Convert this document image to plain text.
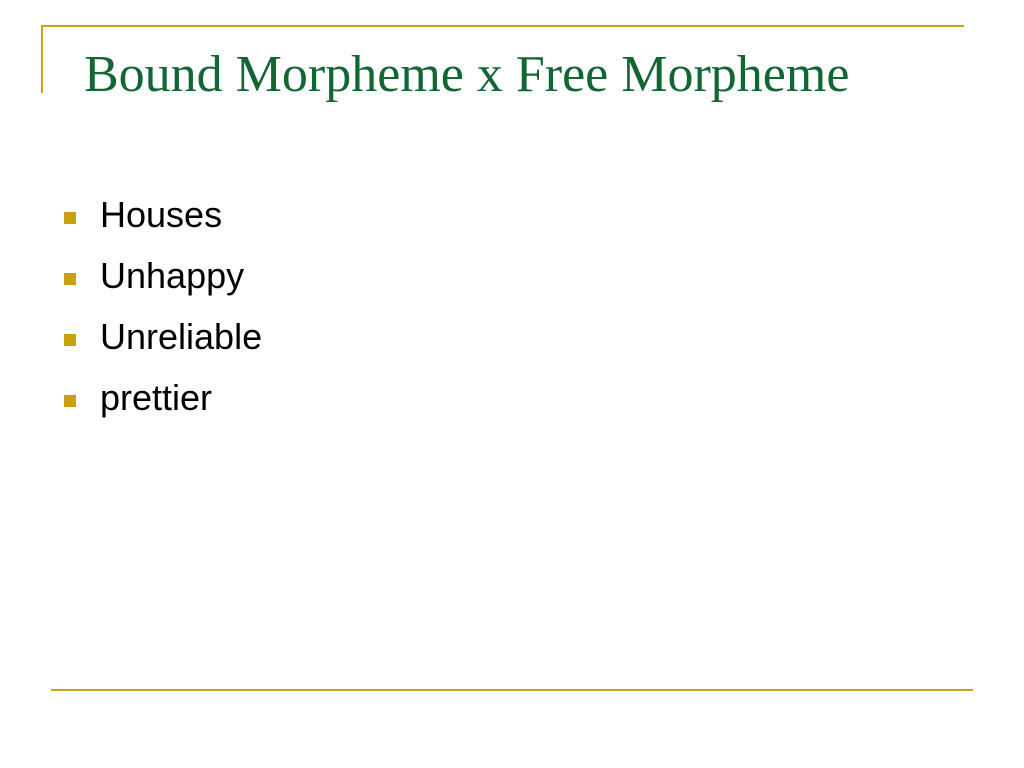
Bound Morpheme x Free Morpheme
Houses
Unhappy
Unreliable
prettier
